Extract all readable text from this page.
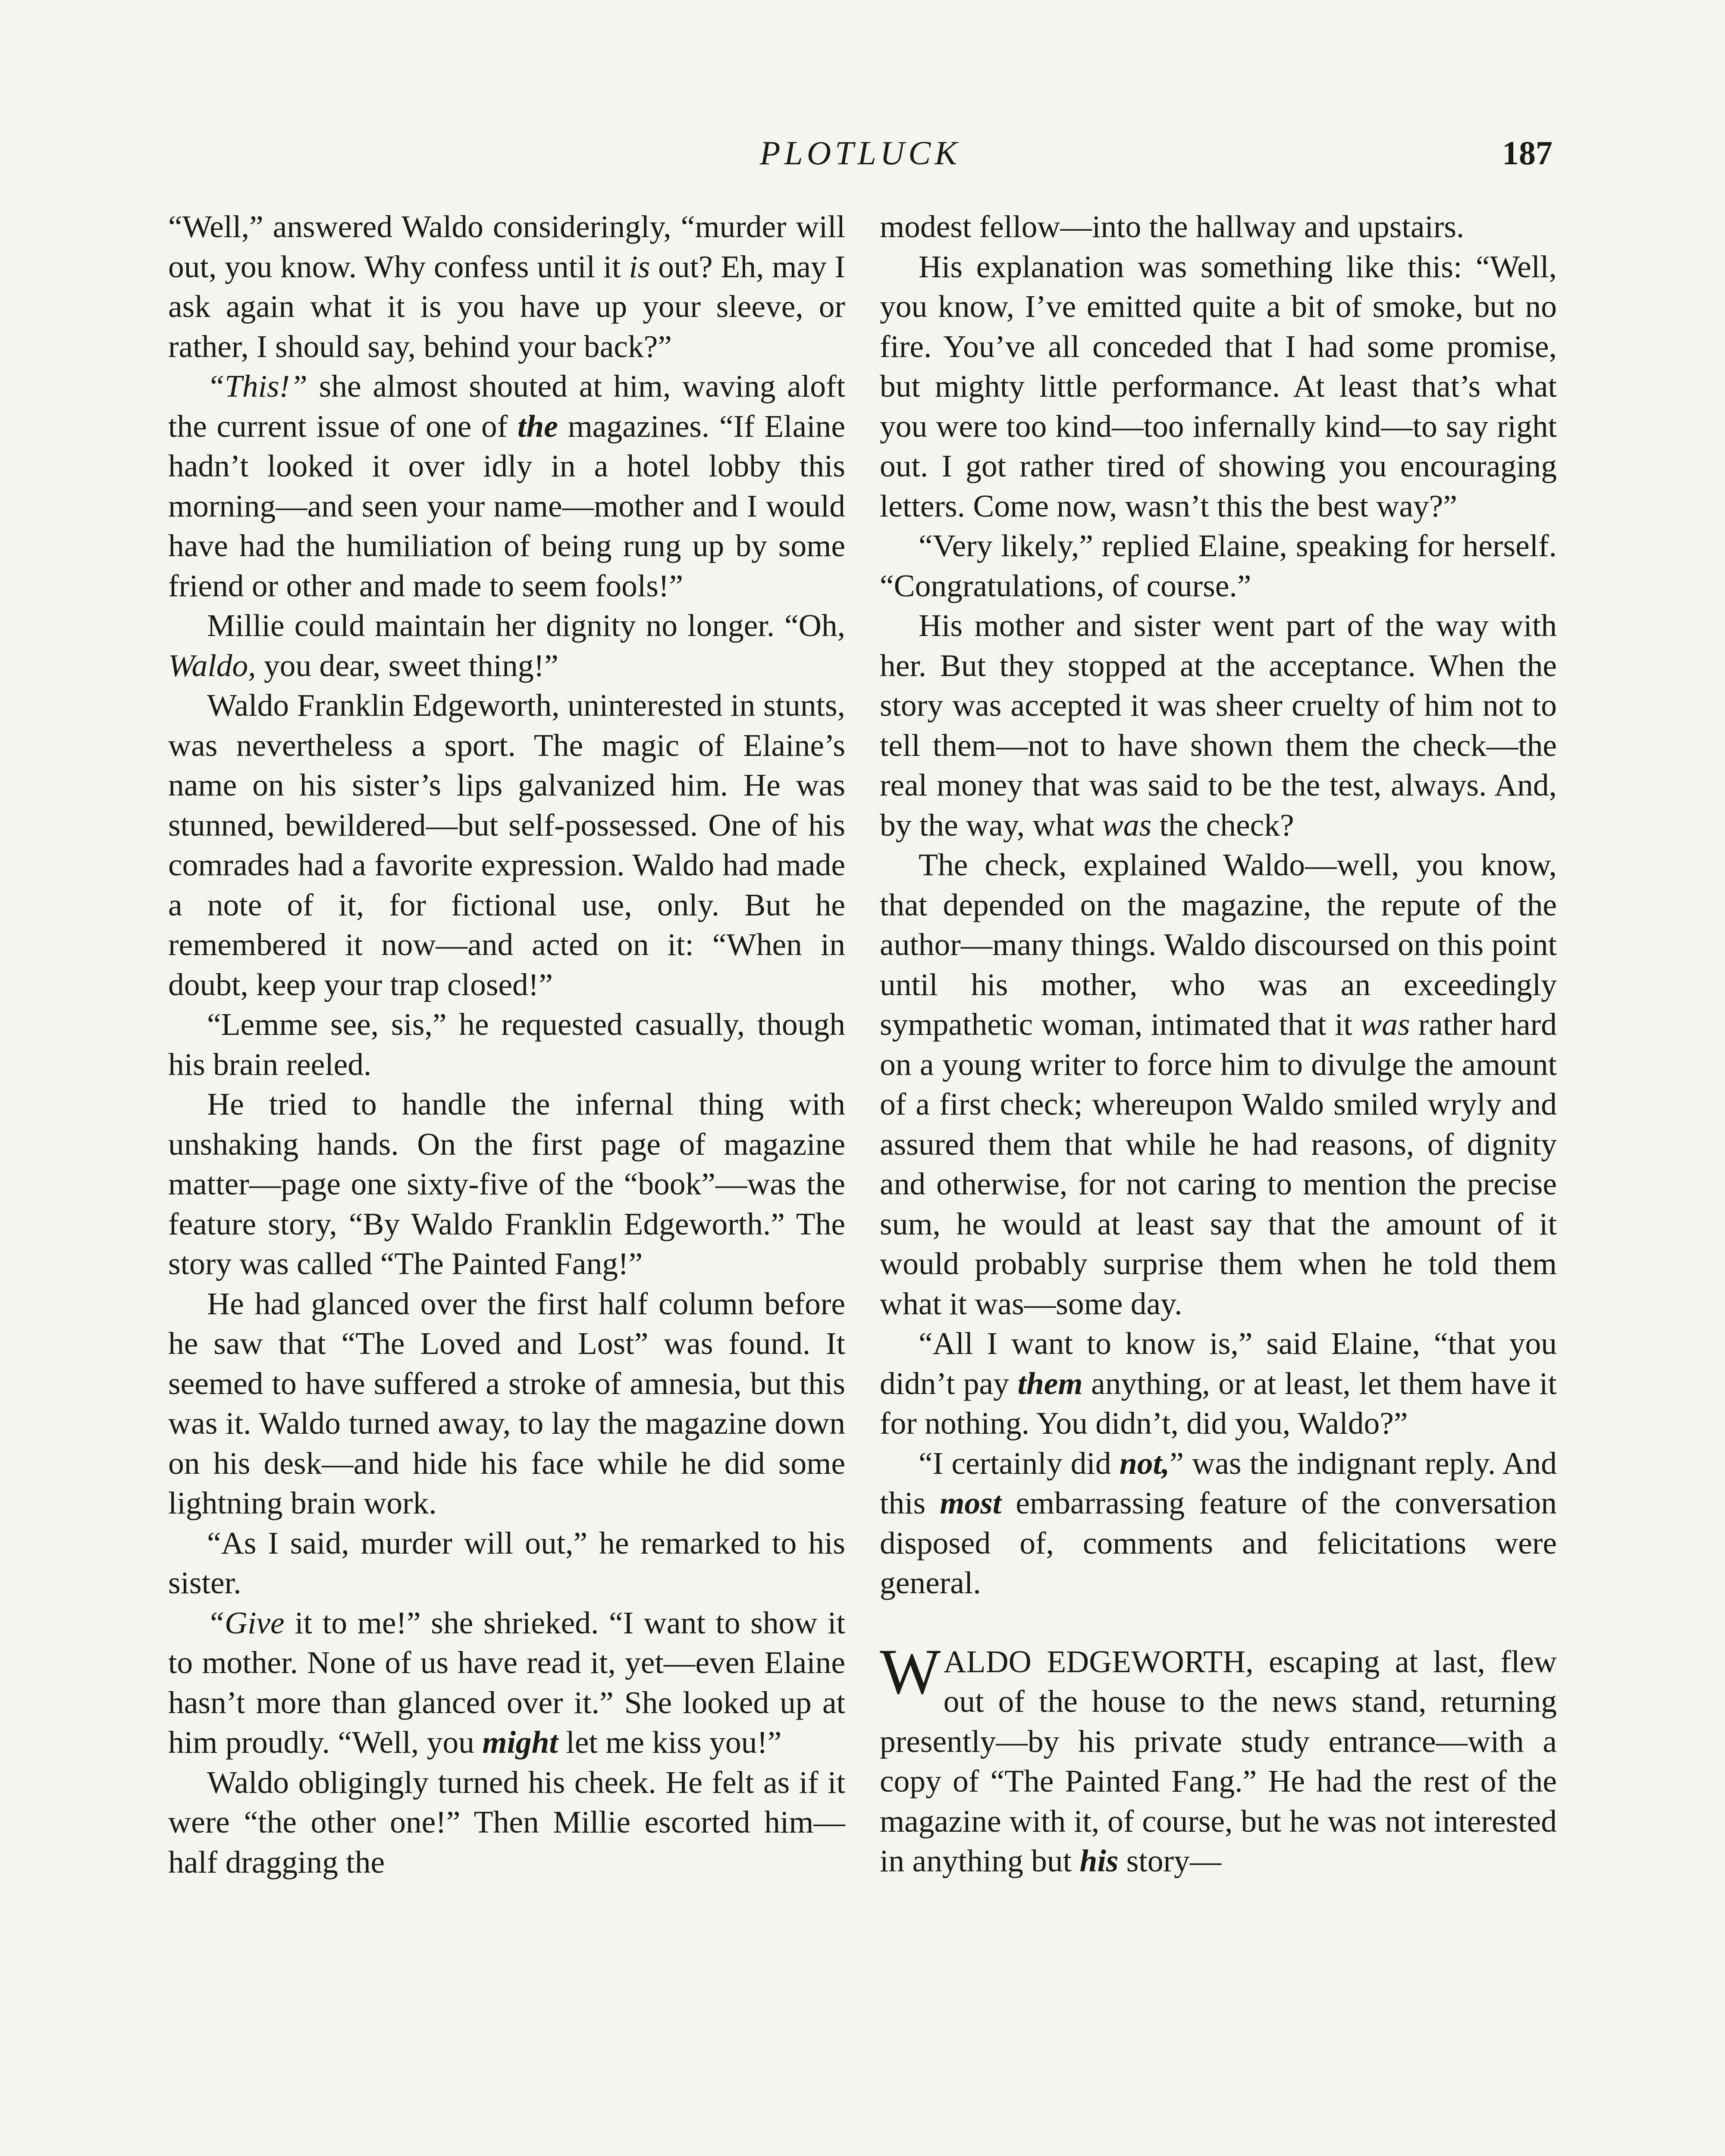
PLOTLUCK	187

“Well,” answered Waldo consideringly, “murder will out, you know. Why confess until it is out? Eh, may I ask again what it is you have up your sleeve, or rather, I should say, behind your back?”

“This!” she almost shouted at him, waving aloft the current issue of one of the magazines. “If Elaine hadn’t looked it over idly in a hotel lobby this morning—and seen your name—mother and I would have had the humiliation of being rung up by some friend or other and made to seem fools!”

Millie could maintain her dignity no longer. “Oh, Waldo, you dear, sweet thing!”

Waldo Franklin Edgeworth, uninterested in stunts, was nevertheless a sport. The magic of Elaine’s name on his sister’s lips galvanized him. He was stunned, bewildered—but self-possessed. One of his comrades had a favorite expression. Waldo had made a note of it, for fictional use, only. But he remembered it now—and acted on it: “When in doubt, keep your trap closed!”

“Lemme see, sis,” he requested casually, though his brain reeled.

He tried to handle the infernal thing with unshaking hands. On the first page of magazine matter—page one sixty-five of the “book”—was the feature story, “By Waldo Franklin Edgeworth.” The story was called “The Painted Fang!”

He had glanced over the first half column before he saw that “The Loved and Lost” was found. It seemed to have suffered a stroke of amnesia, but this was it. Waldo turned away, to lay the magazine down on his desk—and hide his face while he did some lightning brain work.

“As I said, murder will out,” he remarked to his sister.

“Give it to me!” she shrieked. “I want to show it to mother. None of us have read it, yet—even Elaine hasn’t more than glanced over it.” She looked up at him proudly. “Well, you might let me kiss you!”

Waldo obligingly turned his cheek. He felt as if it were “the other one!” Then Millie escorted him—half dragging the

modest fellow—into the hallway and upstairs.

His explanation was something like this: “Well, you know, I’ve emitted quite a bit of smoke, but no fire. You’ve all conceded that I had some promise, but mighty little performance. At least that’s what you were too kind—too infernally kind—to say right out. I got rather tired of showing you encouraging letters. Come now, wasn’t this the best way?”

“Very likely,” replied Elaine, speaking for herself. “Congratulations, of course.”

His mother and sister went part of the way with her. But they stopped at the acceptance. When the story was accepted it was sheer cruelty of him not to tell them—not to have shown them the check—the real money that was said to be the test, always. And, by the way, what was the check?

The check, explained Waldo—well, you know, that depended on the magazine, the repute of the author—many things. Waldo discoursed on this point until his mother, who was an exceedingly sympathetic woman, intimated that it was rather hard on a young writer to force him to divulge the amount of a first check; whereupon Waldo smiled wryly and assured them that while he had reasons, of dignity and otherwise, for not caring to mention the precise sum, he would at least say that the amount of it would probably surprise them when he told them what it was—some day.

“All I want to know is,” said Elaine, “that you didn’t pay them anything, or at least, let them have it for nothing. You didn’t, did you, Waldo?”

“I certainly did not,” was the indignant reply. And this most embarrassing feature of the conversation disposed of, comments and felicitations were general.

WALDO EDGEWORTH, escaping at last, flew out of the house to the news stand, returning presently—by his private study entrance—with a copy of “The Painted Fang.” He had the rest of the magazine with it, of course, but he was not interested in anything but his story—
